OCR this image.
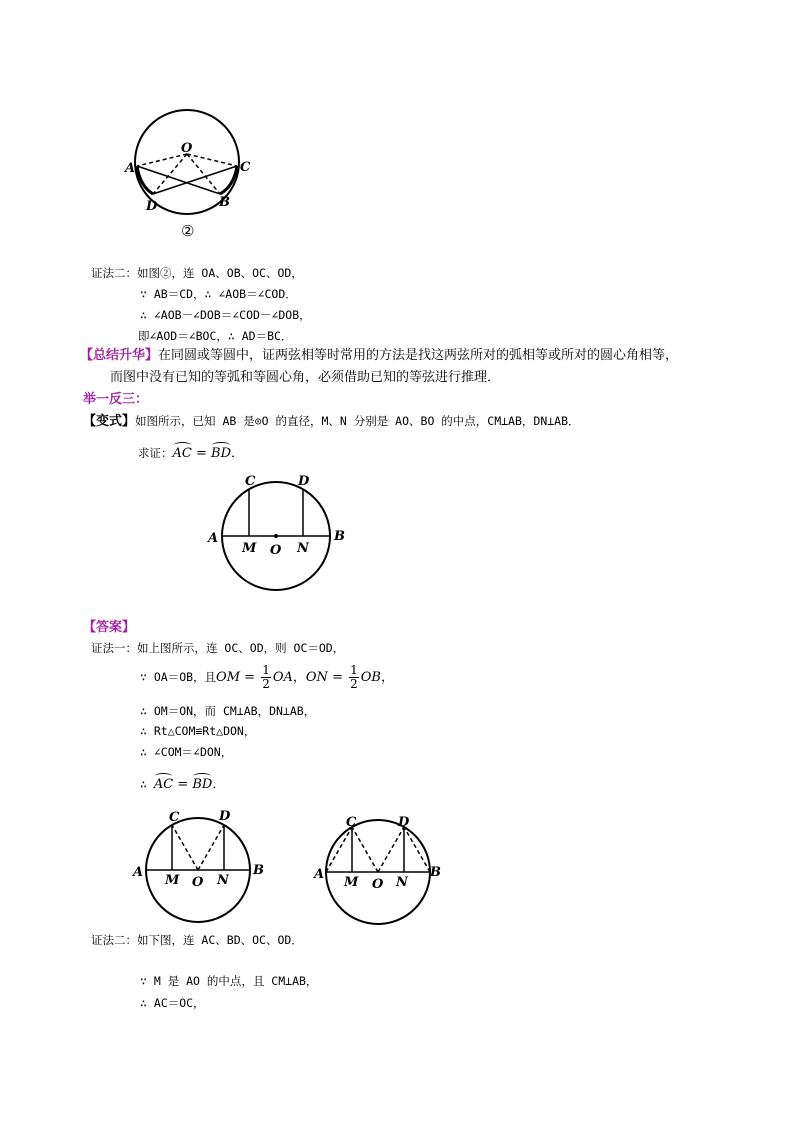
O
A	C
D	B
②
证法二：如图②，连 OA、OB、OC、OD，
∵ AB＝CD，∴ ∠AOB＝∠COD．
∴ ∠AOB－∠DOB＝∠COD－∠DOB，
即∠AOD＝∠BOC，∴ AD＝BC．
【总结升华】在同圆或等圆中，证两弦相等时常用的方法是找这两弦所对的弧相等或所对的圆心角相等，
而图中没有已知的等弧和等圆心角，必须借助已知的等弦进行推理．
举一反三：
【变式】如图所示，已知 AB 是⊙O 的直径，M、N 分别是 AO、BO 的中点，CM⊥AB，DN⊥AB．
求证：AC = BD．
C	D
A	B
M O N
【答案】
证法一：如上图所示，连 OC、OD，则 OC＝OD，
∵ OA＝OB，且OM = $\frac{1}{2}$ OA，ON = $\frac{1}{2}$ OB，
∴ OM＝ON，而 CM⊥AB，DN⊥AB，
∴ Rt△COM≌Rt△DON，
∴ ∠COM＝∠DON，
∴ AC = BD．
C	D
A	B
M O N
C	D
A	B
M O N
证法二：如下图，连 AC、BD、OC、OD．
∵ M 是 AO 的中点，且 CM⊥AB，
∴ AC＝OC，
